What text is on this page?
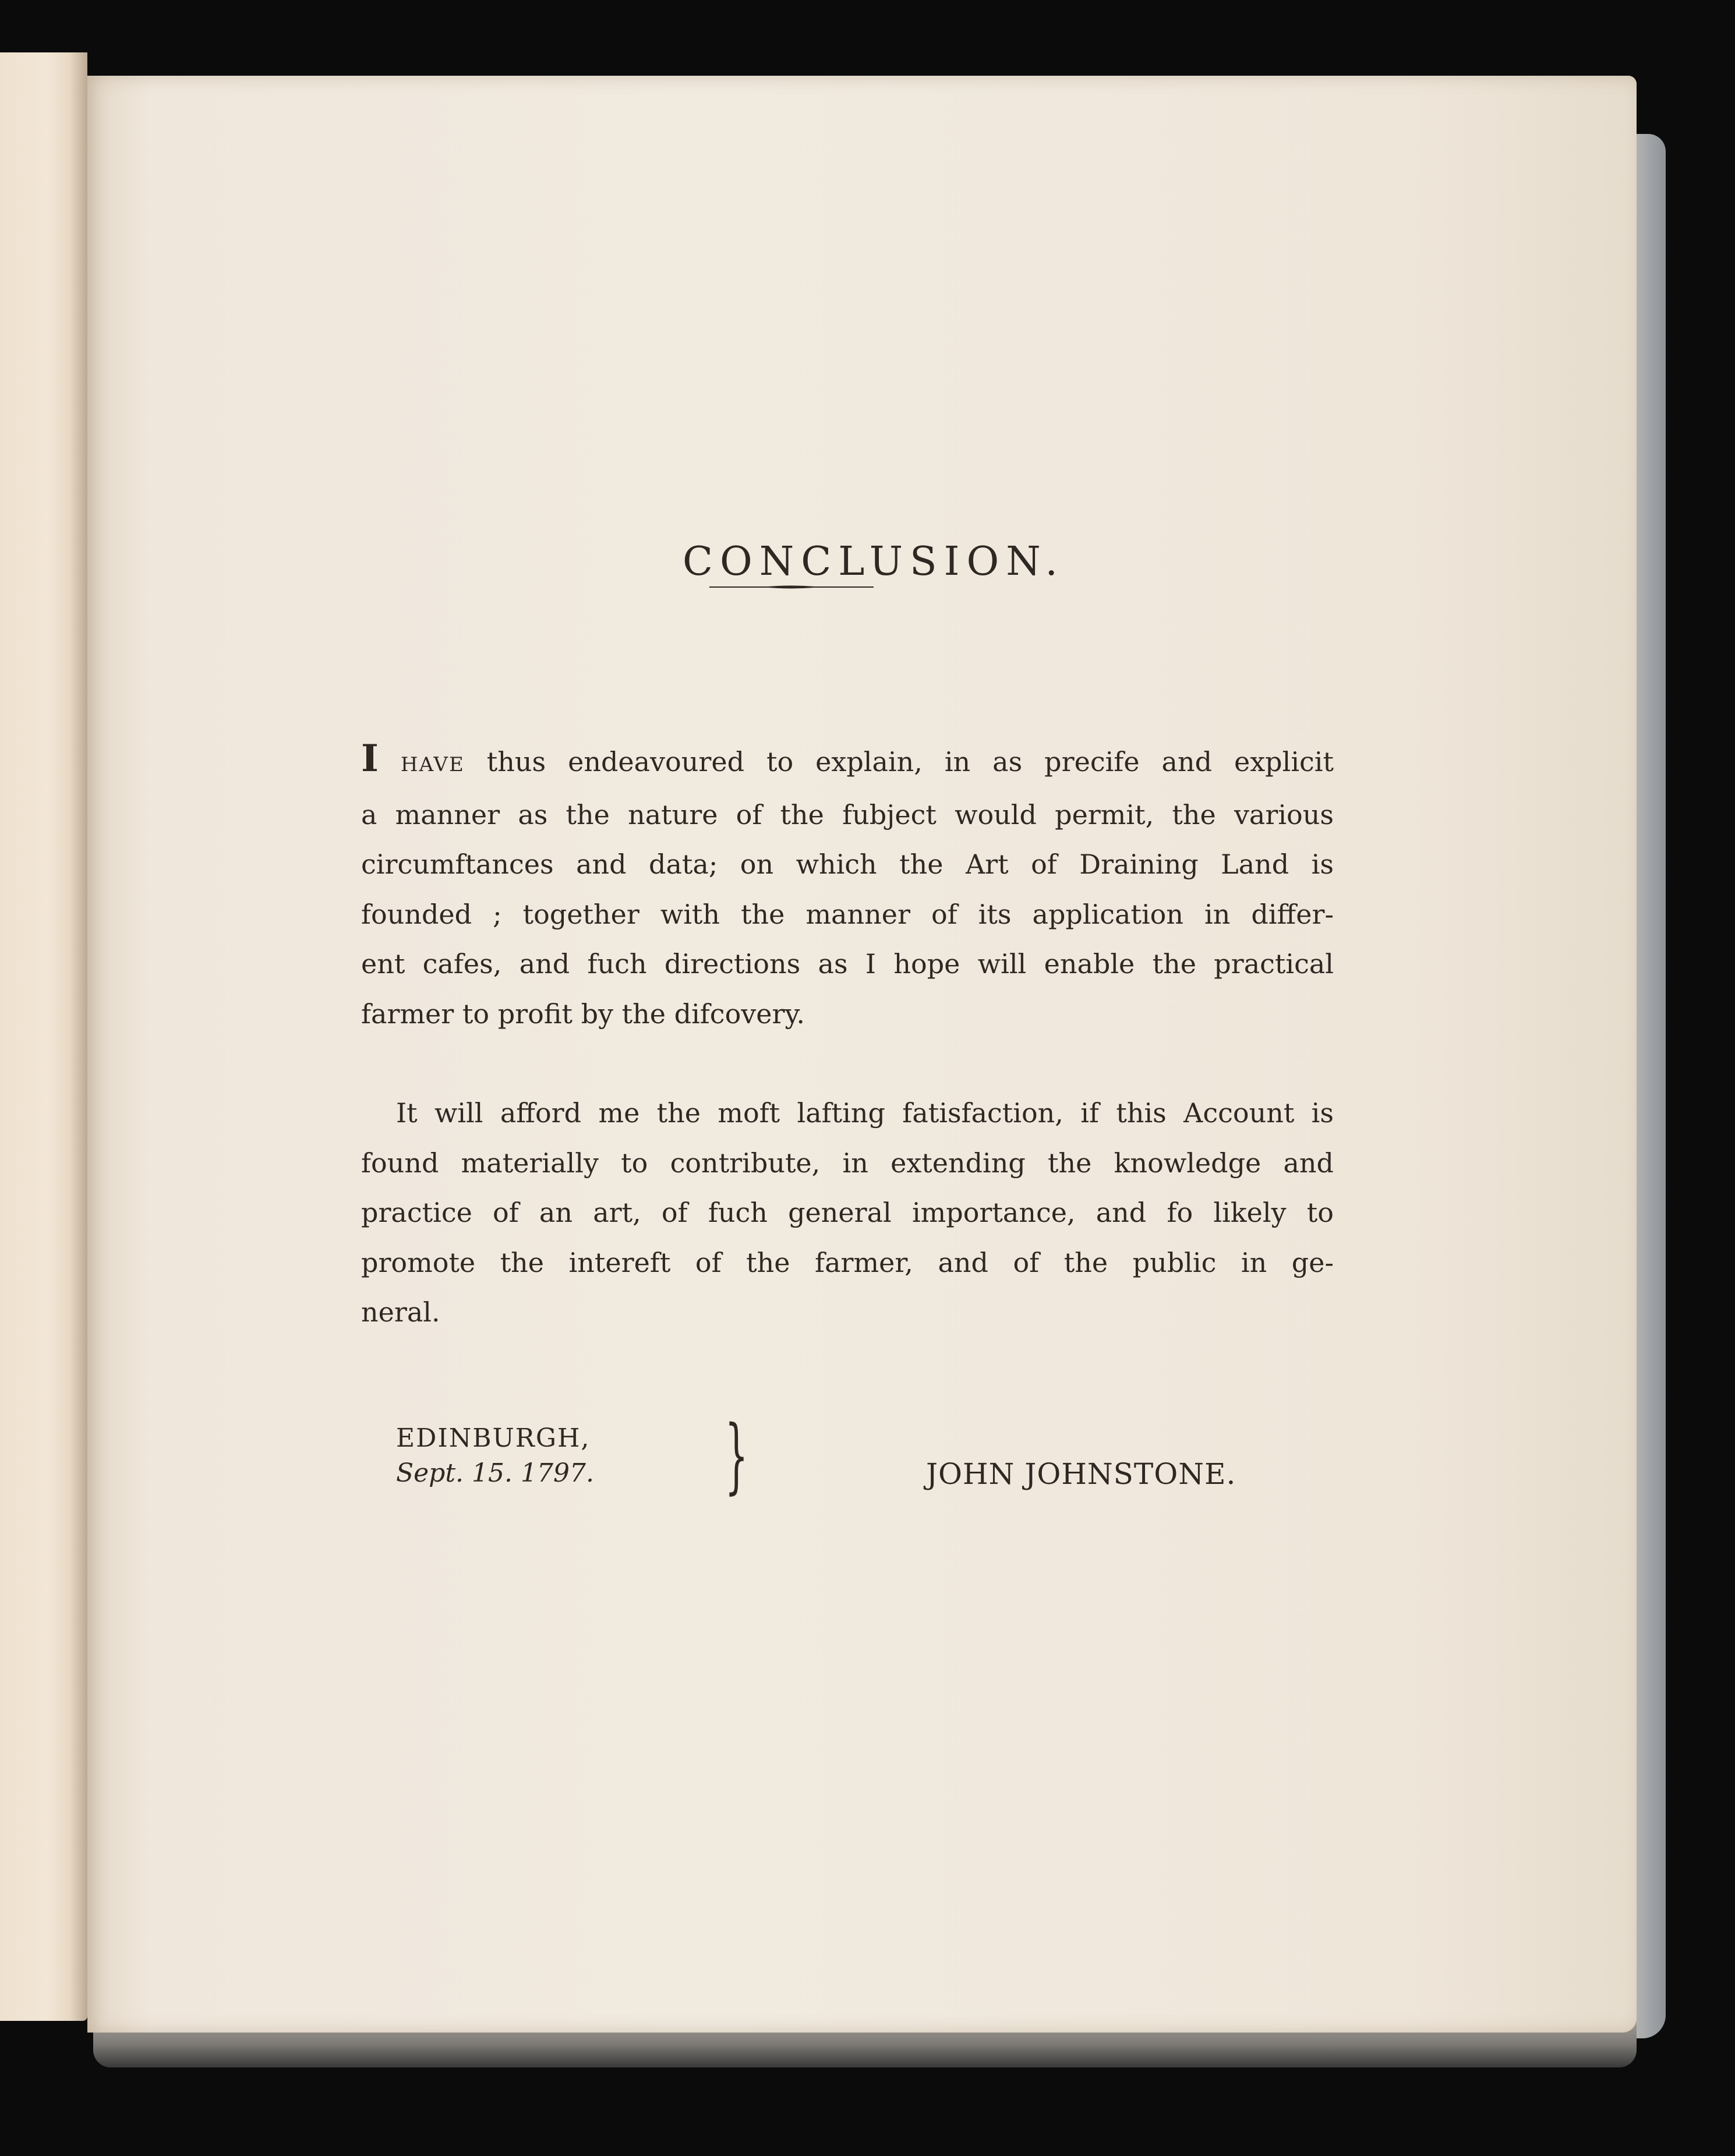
CONCLUSION.
I HAVE thus endeavoured to explain, in as precife and explicit
a manner as the nature of the fubject would permit, the various
circumftances and data; on which the Art of Draining Land is
founded ; together with the manner of its application in differ-
ent cafes, and fuch directions as I hope will enable the practical
farmer to profit by the difcovery.
It will afford me the moft lafting fatisfaction, if this Account is
found materially to contribute, in extending the knowledge and
practice of an art, of fuch general importance, and fo likely to
promote the intereft of the farmer, and of the public in ge-
neral.
EDINBURGH,
Sept. 15. 1797. }	JOHN JOHNSTONE.
